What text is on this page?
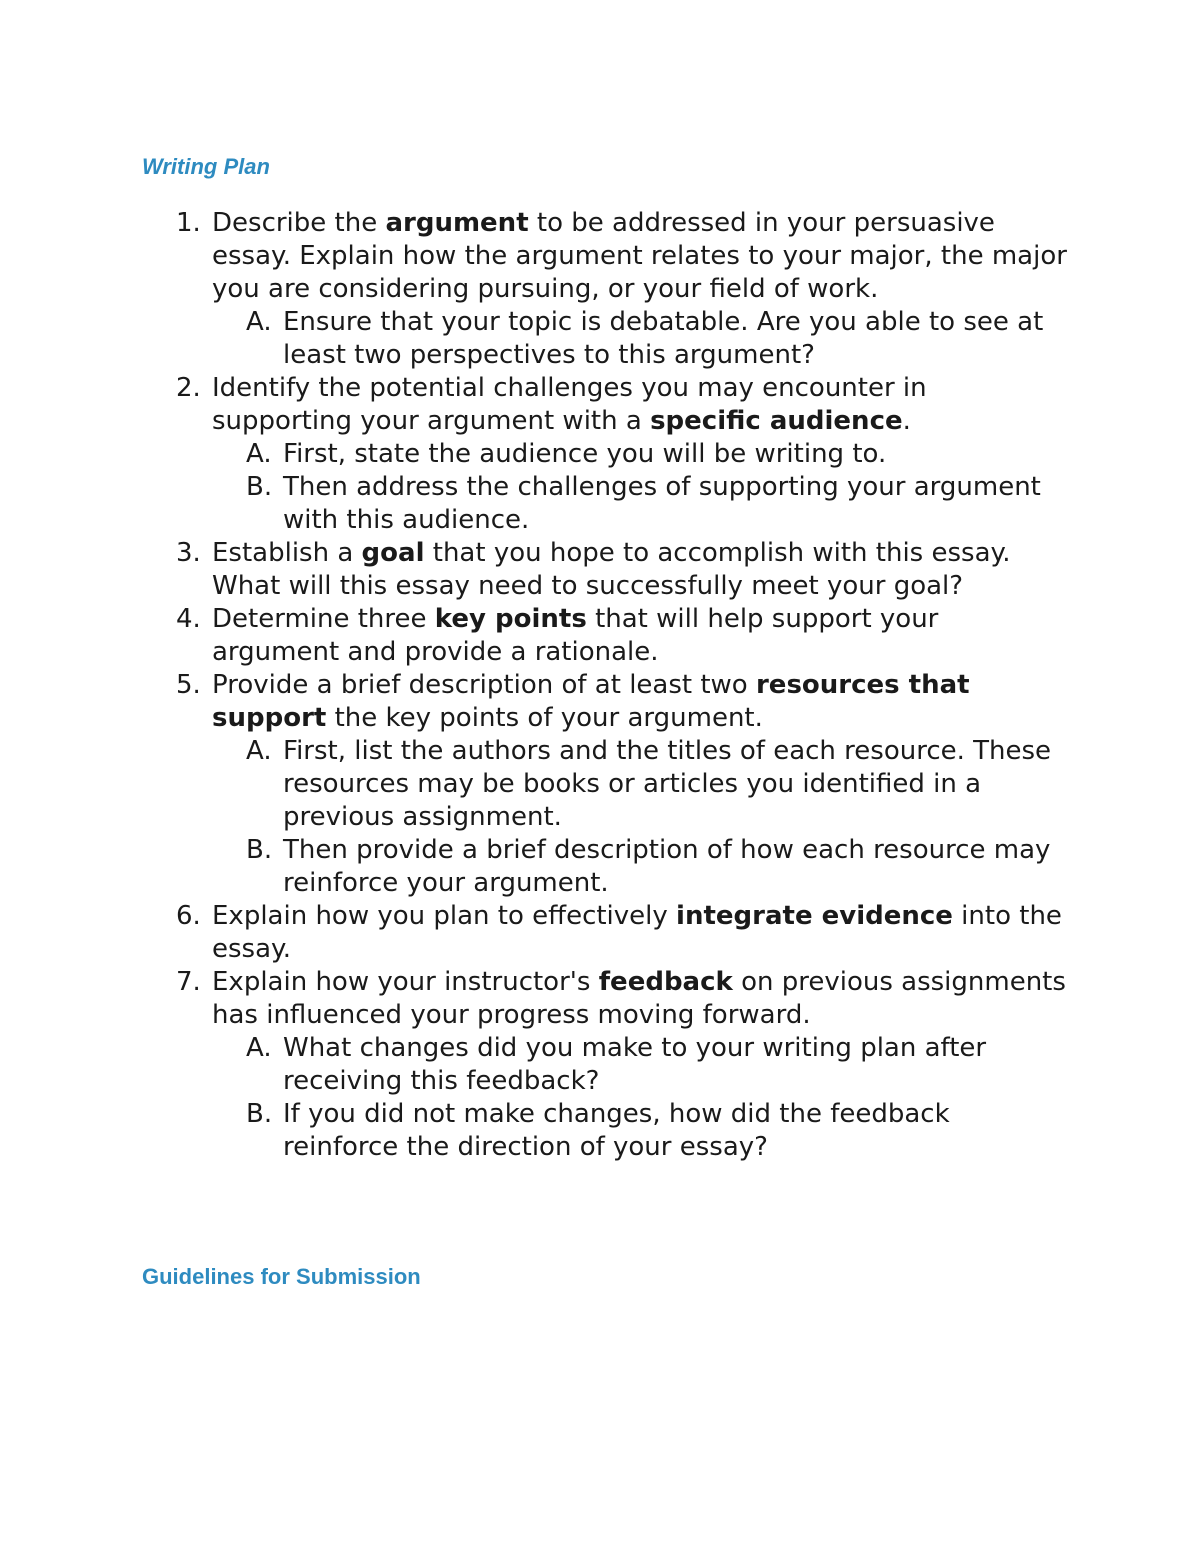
Writing Plan
1. Describe the argument to be addressed in your persuasive essay. Explain how the argument relates to your major, the major you are considering pursuing, or your field of work.
A. Ensure that your topic is debatable. Are you able to see at least two perspectives to this argument?
2. Identify the potential challenges you may encounter in supporting your argument with a specific audience.
A. First, state the audience you will be writing to.
B. Then address the challenges of supporting your argument with this audience.
3. Establish a goal that you hope to accomplish with this essay. What will this essay need to successfully meet your goal?
4. Determine three key points that will help support your argument and provide a rationale.
5. Provide a brief description of at least two resources that support the key points of your argument.
A. First, list the authors and the titles of each resource. These resources may be books or articles you identified in a previous assignment.
B. Then provide a brief description of how each resource may reinforce your argument.
6. Explain how you plan to effectively integrate evidence into the essay.
7. Explain how your instructor's feedback on previous assignments has influenced your progress moving forward.
A. What changes did you make to your writing plan after receiving this feedback?
B. If you did not make changes, how did the feedback reinforce the direction of your essay?
Guidelines for Submission
